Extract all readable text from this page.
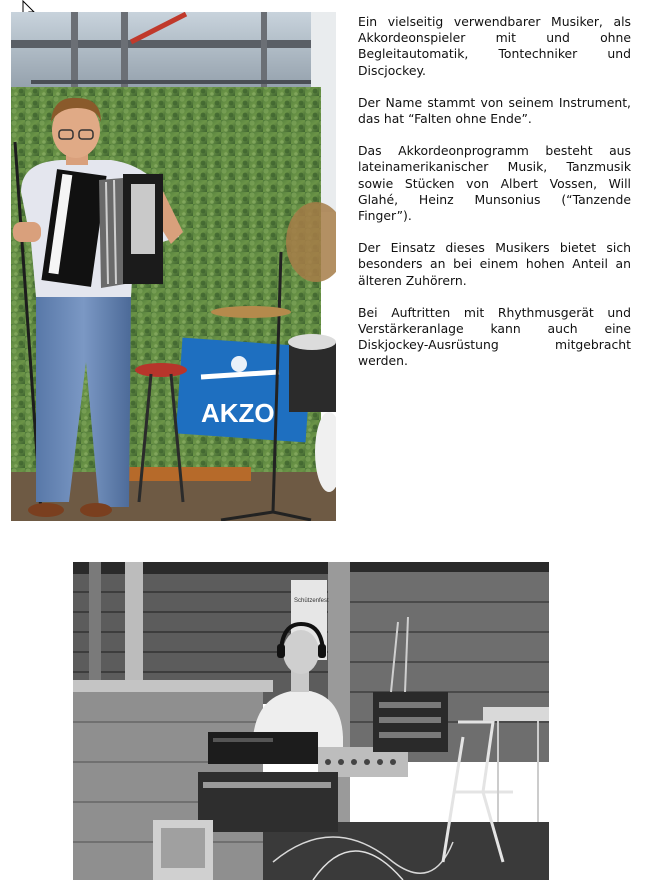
AKZO

Ein vielseitig verwendbarer Musiker, als Akkordeonspieler mit und ohne Begleitautomatik, Tontechniker und Discjockey.

Der Name stammt von seinem Instrument, das hat “Falten ohne Ende”.

Das Akkordeonprogramm besteht aus lateinamerikanischer Musik, Tanzmusik sowie Stücken von Albert Vossen, Will Glahé, Heinz Munsonius (“Tanzende Finger”).

Der Einsatz dieses Musikers bietet sich besonders an bei einem hohen Anteil an älteren Zuhörern.

Bei Auftritten mit Rhythmusgerät und Verstärkeranlage kann auch eine Diskjockey-Ausrüstung mitgebracht werden.

Schützenfest
